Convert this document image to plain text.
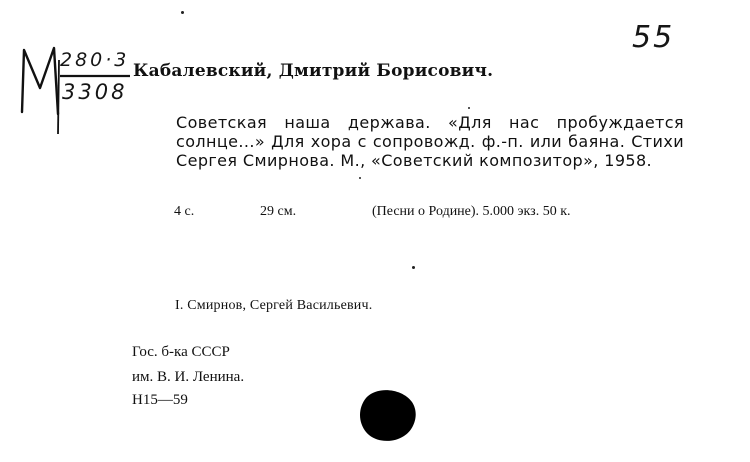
280·3
3308
55
Кабалевский, Дмитрий Борисович.
Советская наша держава. «Для нас пробуждается солнце...» Для хора с сопровожд. ф.-п. или баяна. Стихи Сергея Смирнова. М., «Советский композитор», 1958.
4 с.	29 см.	(Песни о Родине). 5.000 экз. 50 к.
I. Смирнов, Сергей Васильевич.
Гос. б-ка СССР
им. В. И. Ленина.
Н15—59
